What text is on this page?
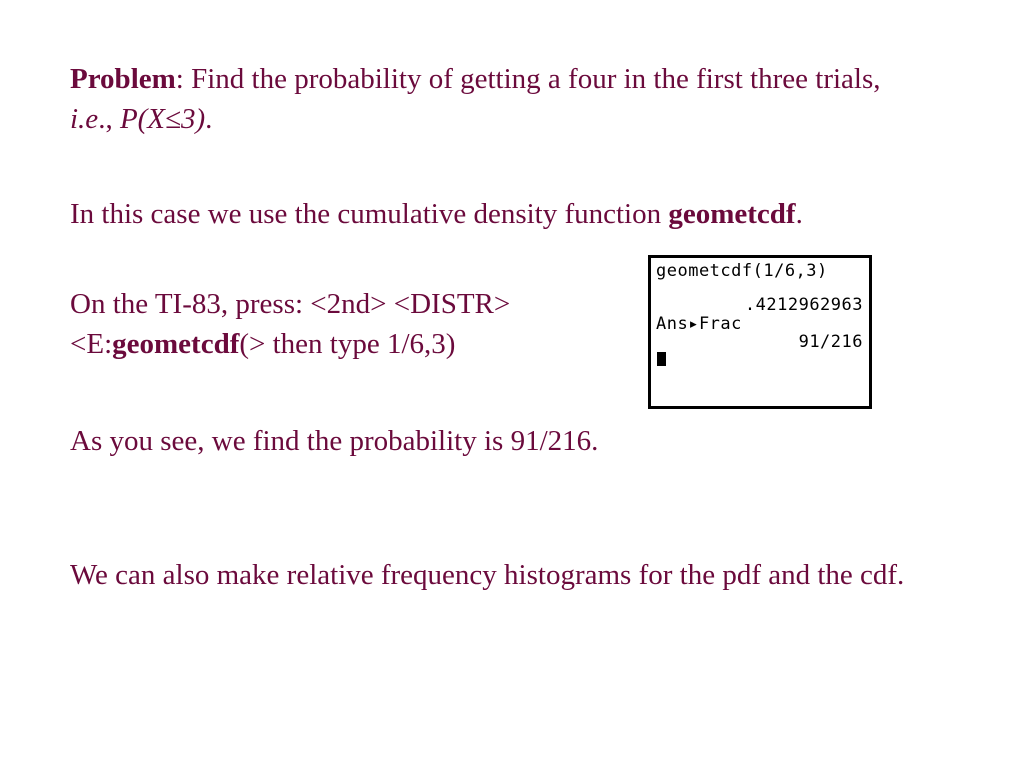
Problem: Find the probability of getting a four in the first three trials, i.e., P(X≤3).

In this case we use the cumulative density function geometcdf.

On the TI-83, press: <2nd> <DISTR> <E:geometcdf(> then type 1/6,3)

As you see, we find the probability is 91/216.

We can also make relative frequency histograms for the pdf and the cdf.

geometcdf(1/6,3)
.4212962963
Ans▸Frac
91/216
